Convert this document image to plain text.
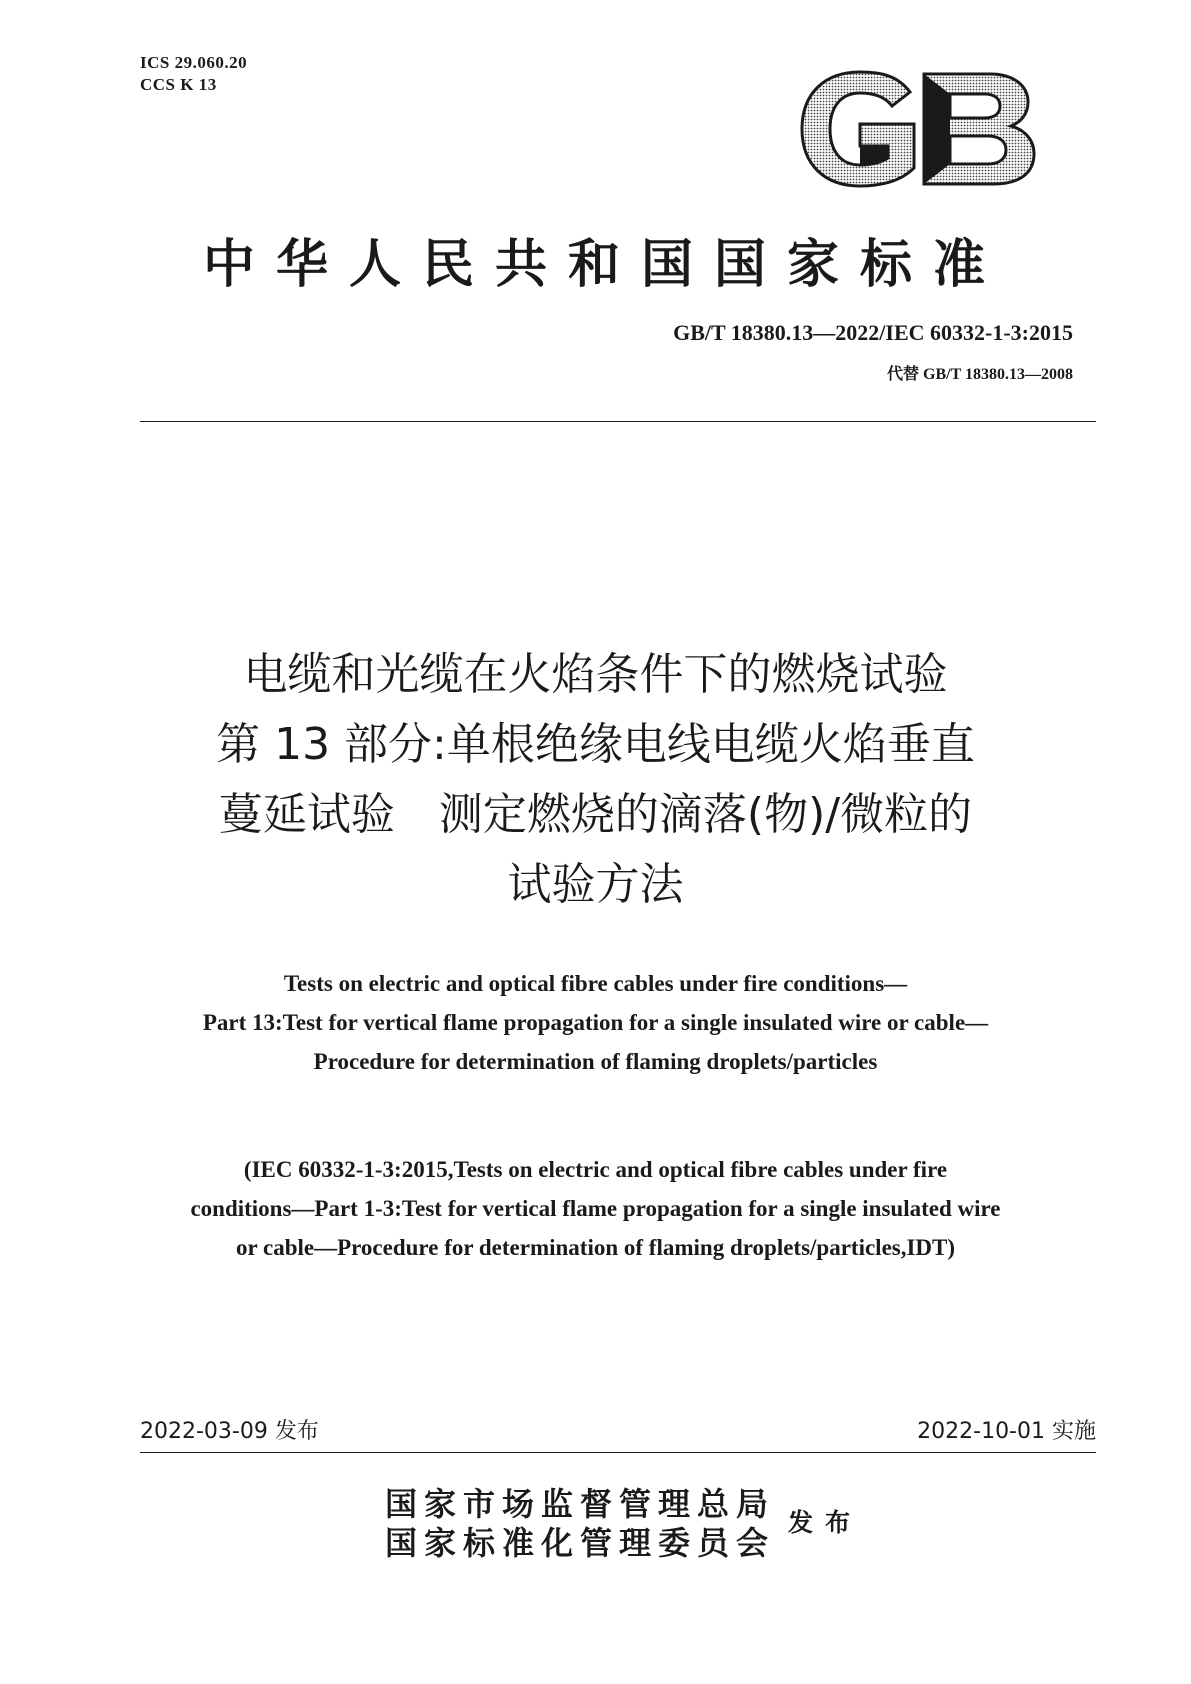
ICS 29.060.20
CCS K 13
中华人民共和国国家标准
GB/T 18380.13—2022/IEC 60332-1-3:2015
代替 GB/T 18380.13—2008
电缆和光缆在火焰条件下的燃烧试验
第 13 部分:单根绝缘电线电缆火焰垂直
蔓延试验　测定燃烧的滴落(物)/微粒的
试验方法
Tests on electric and optical fibre cables under fire conditions—
Part 13:Test for vertical flame propagation for a single insulated wire or cable—
Procedure for determination of flaming droplets/particles
(IEC 60332-1-3:2015,Tests on electric and optical fibre cables under fire
conditions—Part 1-3:Test for vertical flame propagation for a single insulated wire
or cable—Procedure for determination of flaming droplets/particles,IDT)
2022-03-09 发布	2022-10-01 实施
国家市场监督管理总局
国家标准化管理委员会
发布
